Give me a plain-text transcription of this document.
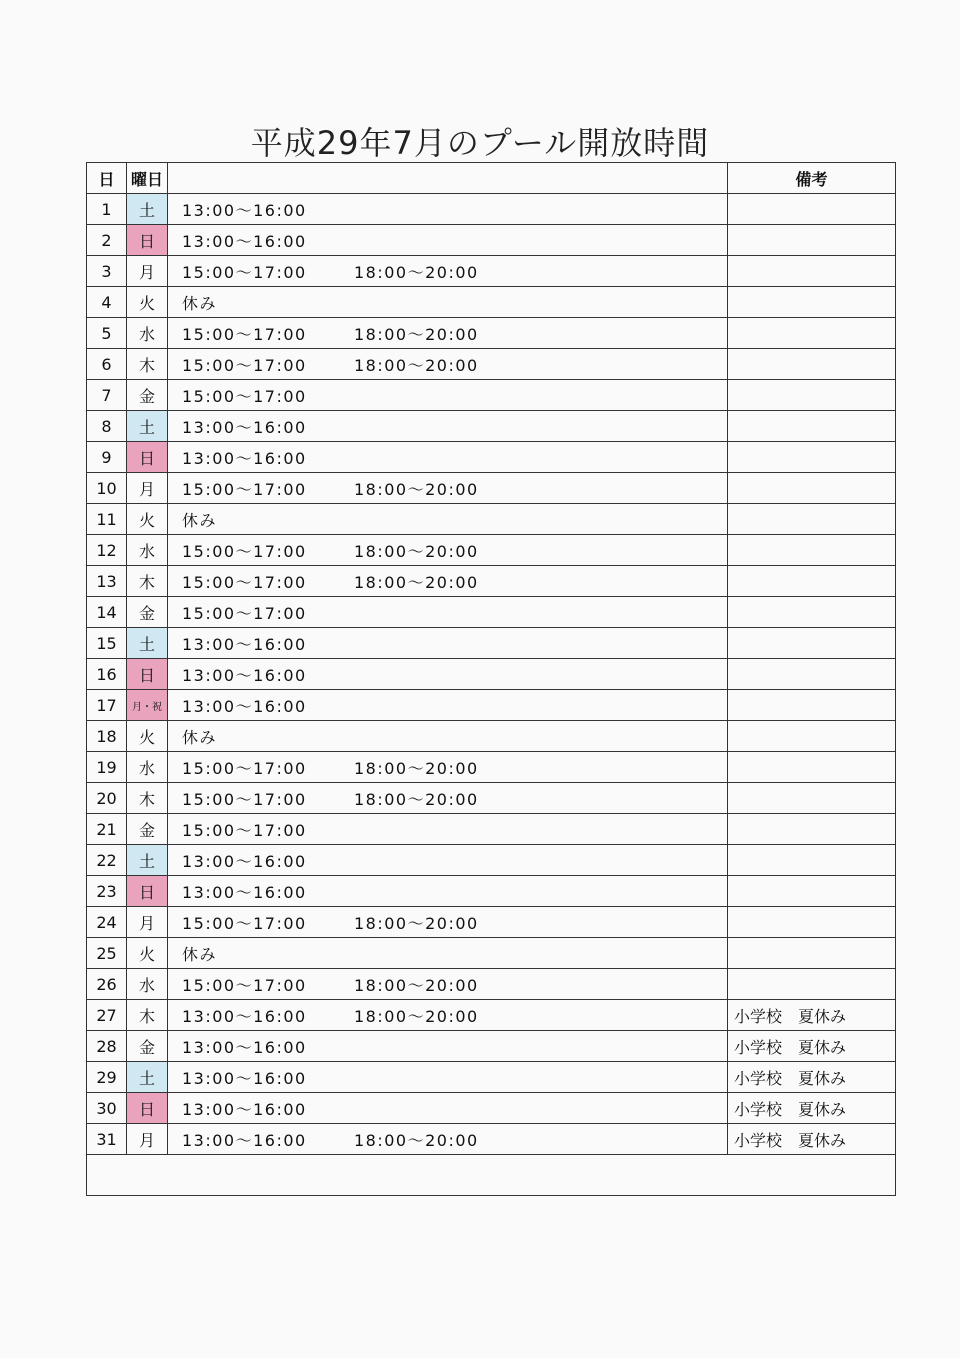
平成29年7月のプール開放時間
日	曜日		備考
1	土	13:00〜16:00	
2	日	13:00〜16:00	
3	月	15:00〜17:00 18:00〜20:00	
4	火	休み	
5	水	15:00〜17:00 18:00〜20:00	
6	木	15:00〜17:00 18:00〜20:00	
7	金	15:00〜17:00	
8	土	13:00〜16:00	
9	日	13:00〜16:00	
10	月	15:00〜17:00 18:00〜20:00	
11	火	休み	
12	水	15:00〜17:00 18:00〜20:00	
13	木	15:00〜17:00 18:00〜20:00	
14	金	15:00〜17:00	
15	土	13:00〜16:00	
16	日	13:00〜16:00	
17	月・祝	13:00〜16:00	
18	火	休み	
19	水	15:00〜17:00 18:00〜20:00	
20	木	15:00〜17:00 18:00〜20:00	
21	金	15:00〜17:00	
22	土	13:00〜16:00	
23	日	13:00〜16:00	
24	月	15:00〜17:00 18:00〜20:00	
25	火	休み	
26	水	15:00〜17:00 18:00〜20:00	
27	木	13:00〜16:00 18:00〜20:00	小学校　夏休み
28	金	13:00〜16:00	小学校　夏休み
29	土	13:00〜16:00	小学校　夏休み
30	日	13:00〜16:00	小学校　夏休み
31	月	13:00〜16:00 18:00〜20:00	小学校　夏休み
